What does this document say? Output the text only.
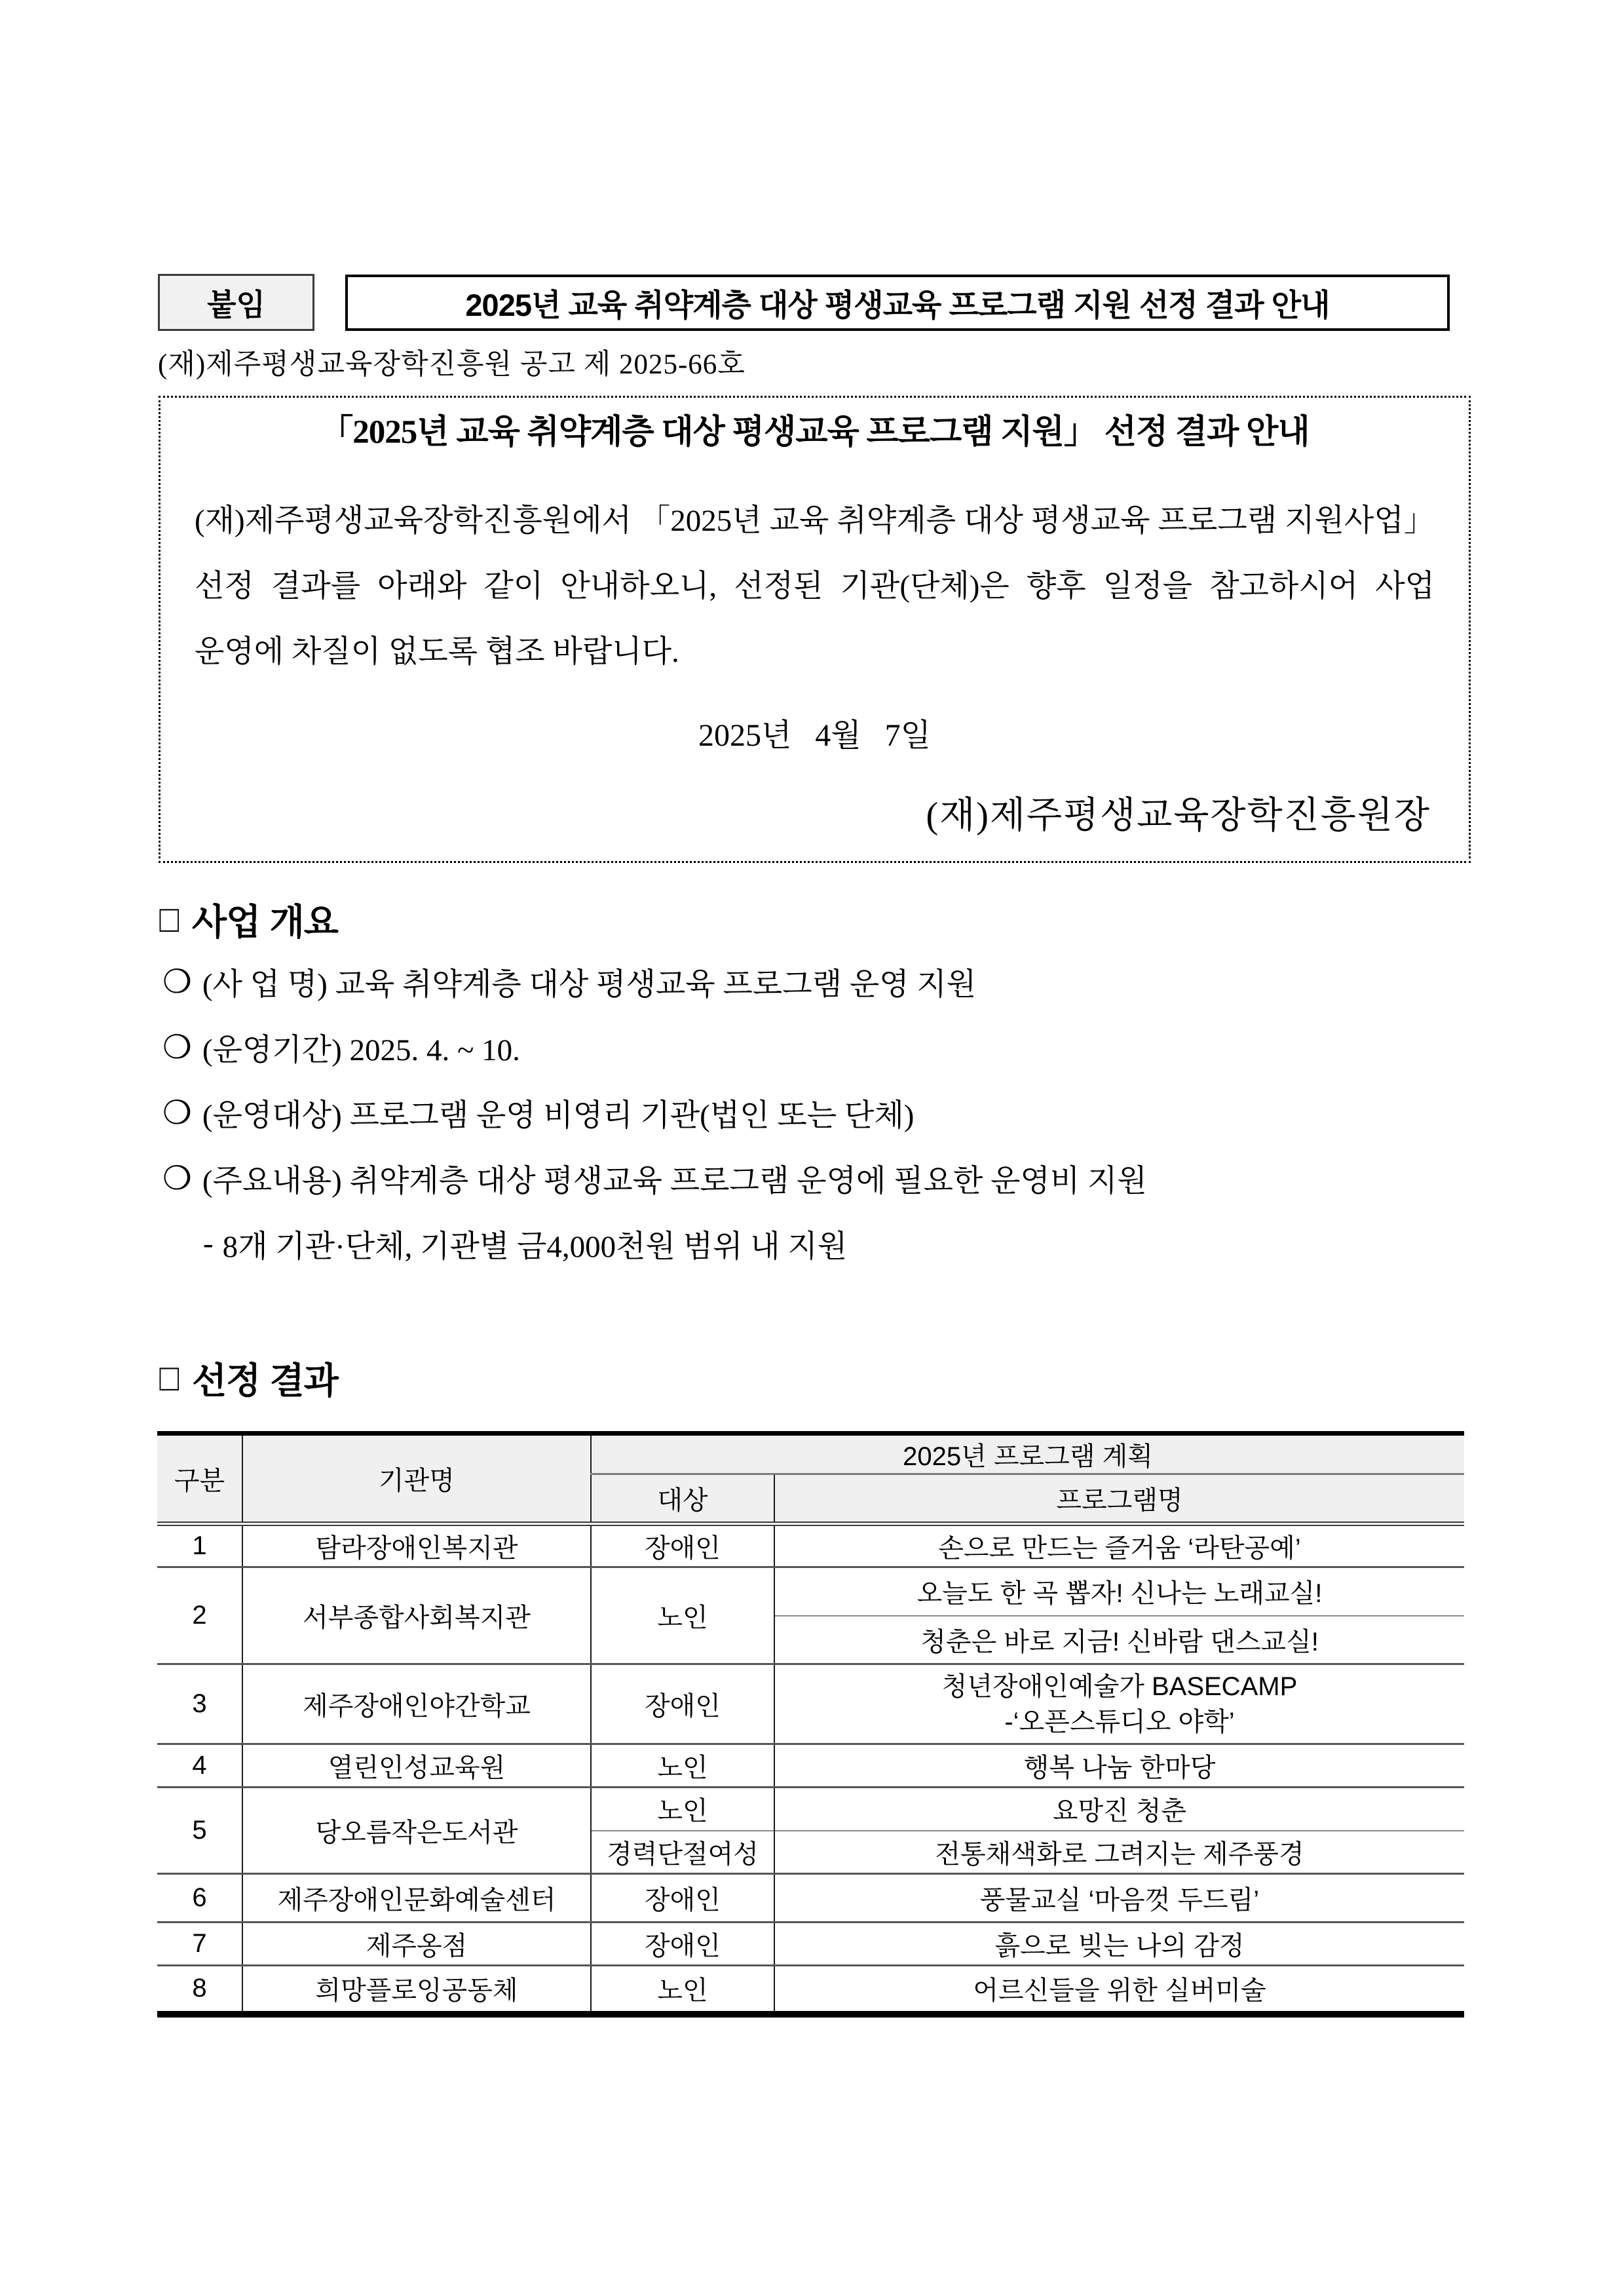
붙임	2025년 교육 취약계층 대상 평생교육 프로그램 지원 선정 결과 안내
(재)제주평생교육장학진흥원 공고 제 2025-66호
「2025년 교육 취약계층 대상 평생교육 프로그램 지원」 선정 결과 안내
(재)제주평생교육장학진흥원에서 「2025년 교육 취약계층 대상 평생교육 프로그램 지원사업」 선정 결과를 아래와 같이 안내하오니, 선정된 기관(단체)은 향후 일정을 참고하시어 사업 운영에 차질이 없도록 협조 바랍니다.
2025년   4월   7일
(재)제주평생교육장학진흥원장
□ 사업 개요
❍ (사 업 명) 교육 취약계층 대상 평생교육 프로그램 운영 지원
❍ (운영기간) 2025. 4. ~ 10.
❍ (운영대상) 프로그램 운영 비영리 기관(법인 또는 단체)
❍ (주요내용) 취약계층 대상 평생교육 프로그램 운영에 필요한 운영비 지원
- 8개 기관·단체, 기관별 금4,000천원 범위 내 지원
□ 선정 결과
구분	기관명	2025년 프로그램 계획	
		대상	프로그램명
1	탐라장애인복지관	장애인	손으로 만드는 즐거움 ‘라탄공예’
2	서부종합사회복지관	노인	오늘도 한 곡 뽑자! 신나는 노래교실!
			청춘은 바로 지금! 신바람 댄스교실!
3	제주장애인야간학교	장애인	청년장애인예술가 BASECAMP
-‘오픈스튜디오 야학’

4	열린인성교육원	노인	행복 나눔 한마당
5	당오름작은도서관	노인	요망진 청춘
		경력단절여성	전통채색화로 그려지는 제주풍경
6	제주장애인문화예술센터	장애인	풍물교실 ‘마음껏 두드림’
7	제주옹점	장애인	흙으로 빚는 나의 감정
8	희망플로잉공동체	노인	어르신들을 위한 실버미술
